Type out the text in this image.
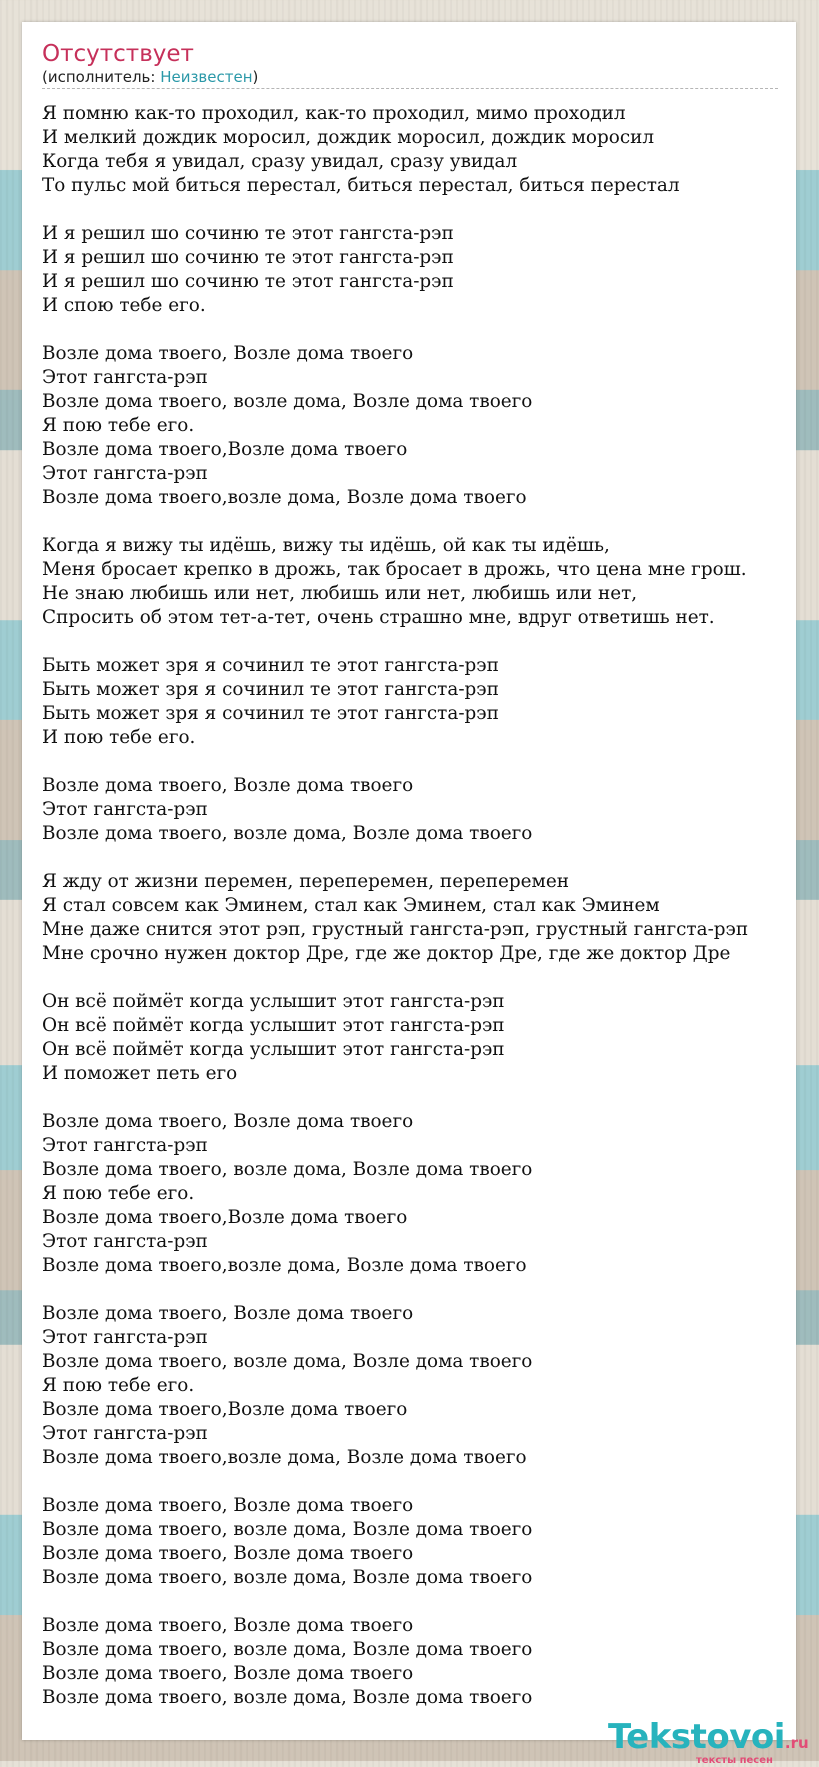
Отсутствует
(исполнитель: Неизвестен)
Я помню как-то проходил, как-то проходил, мимо проходил
И мелкий дождик моросил, дождик моросил, дождик моросил
Когда тебя я увидал, сразу увидал, сразу увидал
То пульс мой биться перестал, биться перестал, биться перестал
И я решил шо сочиню те этот гангста-рэп
И я решил шо сочиню те этот гангста-рэп
И я решил шо сочиню те этот гангста-рэп
И спою тебе его.
Возле дома твоего, Возле дома твоего
Этот гангста-рэп
Возле дома твоего, возле дома, Возле дома твоего
Я пою тебе его.
Возле дома твоего,Возле дома твоего
Этот гангста-рэп
Возле дома твоего,возле дома, Возле дома твоего
Когда я вижу ты идёшь, вижу ты идёшь, ой как ты идёшь,
Меня бросает крепко в дрожь, так бросает в дрожь, что цена мне грош.
Не знаю любишь или нет, любишь или нет, любишь или нет,
Спросить об этом тет-а-тет, очень страшно мне, вдруг ответишь нет.
Быть может зря я сочинил те этот гангста-рэп
Быть может зря я сочинил те этот гангста-рэп
Быть может зря я сочинил те этот гангста-рэп
И пою тебе его.
Возле дома твоего, Возле дома твоего
Этот гангста-рэп
Возле дома твоего, возле дома, Возле дома твоего
Я жду от жизни перемен, переперемен, переперемен
Я стал совсем как Эминем, стал как Эминем, стал как Эминем
Мне даже снится этот рэп, грустный гангста-рэп, грустный гангста-рэп
Мне срочно нужен доктор Дре, где же доктор Дре, где же доктор Дре
Он всё поймёт когда услышит этот гангста-рэп
Он всё поймёт когда услышит этот гангста-рэп
Он всё поймёт когда услышит этот гангста-рэп
И поможет петь его
Возле дома твоего, Возле дома твоего
Этот гангста-рэп
Возле дома твоего, возле дома, Возле дома твоего
Я пою тебе его.
Возле дома твоего,Возле дома твоего
Этот гангста-рэп
Возле дома твоего,возле дома, Возле дома твоего
Возле дома твоего, Возле дома твоего
Этот гангста-рэп
Возле дома твоего, возле дома, Возле дома твоего
Я пою тебе его.
Возле дома твоего,Возле дома твоего
Этот гангста-рэп
Возле дома твоего,возле дома, Возле дома твоего
Возле дома твоего, Возле дома твоего
Возле дома твоего, возле дома, Возле дома твоего
Возле дома твоего, Возле дома твоего
Возле дома твоего, возле дома, Возле дома твоего
Возле дома твоего, Возле дома твоего
Возле дома твоего, возле дома, Возле дома твоего
Возле дома твоего, Возле дома твоего
Возле дома твоего, возле дома, Возле дома твоего
Tekstovoi.ru
тексты песен
